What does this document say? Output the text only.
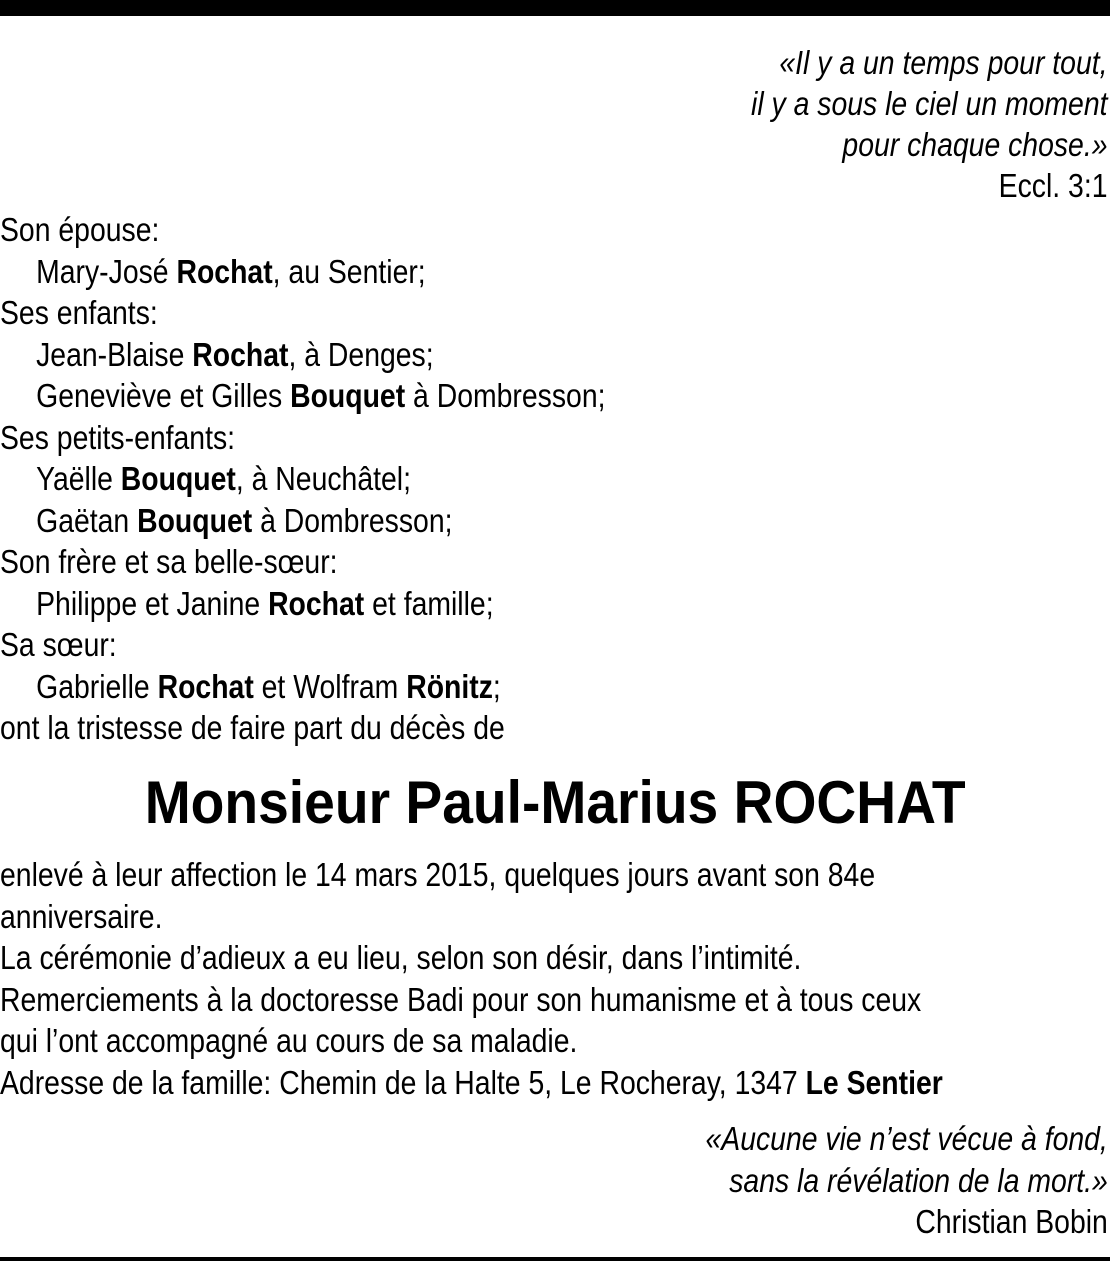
«Il y a un temps pour tout,
il y a sous le ciel un moment
pour chaque chose.»
Eccl. 3:1
Son épouse:
Mary-José Rochat, au Sentier;
Ses enfants:
Jean-Blaise Rochat, à Denges;
Geneviève et Gilles Bouquet à Dombresson;
Ses petits-enfants:
Yaëlle Bouquet, à Neuchâtel;
Gaëtan Bouquet à Dombresson;
Son frère et sa belle-sœur:
Philippe et Janine Rochat et famille;
Sa sœur:
Gabrielle Rochat et Wolfram Rönitz;
ont la tristesse de faire part du décès de
Monsieur Paul-Marius ROCHAT
enlevé à leur affection le 14 mars 2015, quelques jours avant son 84e
anniversaire.
La cérémonie d’adieux a eu lieu, selon son désir, dans l’intimité.
Remerciements à la doctoresse Badi pour son humanisme et à tous ceux
qui l’ont accompagné au cours de sa maladie.
Adresse de la famille: Chemin de la Halte 5, Le Rocheray, 1347 Le Sentier
«Aucune vie n’est vécue à fond,
sans la révélation de la mort.»
Christian Bobin
